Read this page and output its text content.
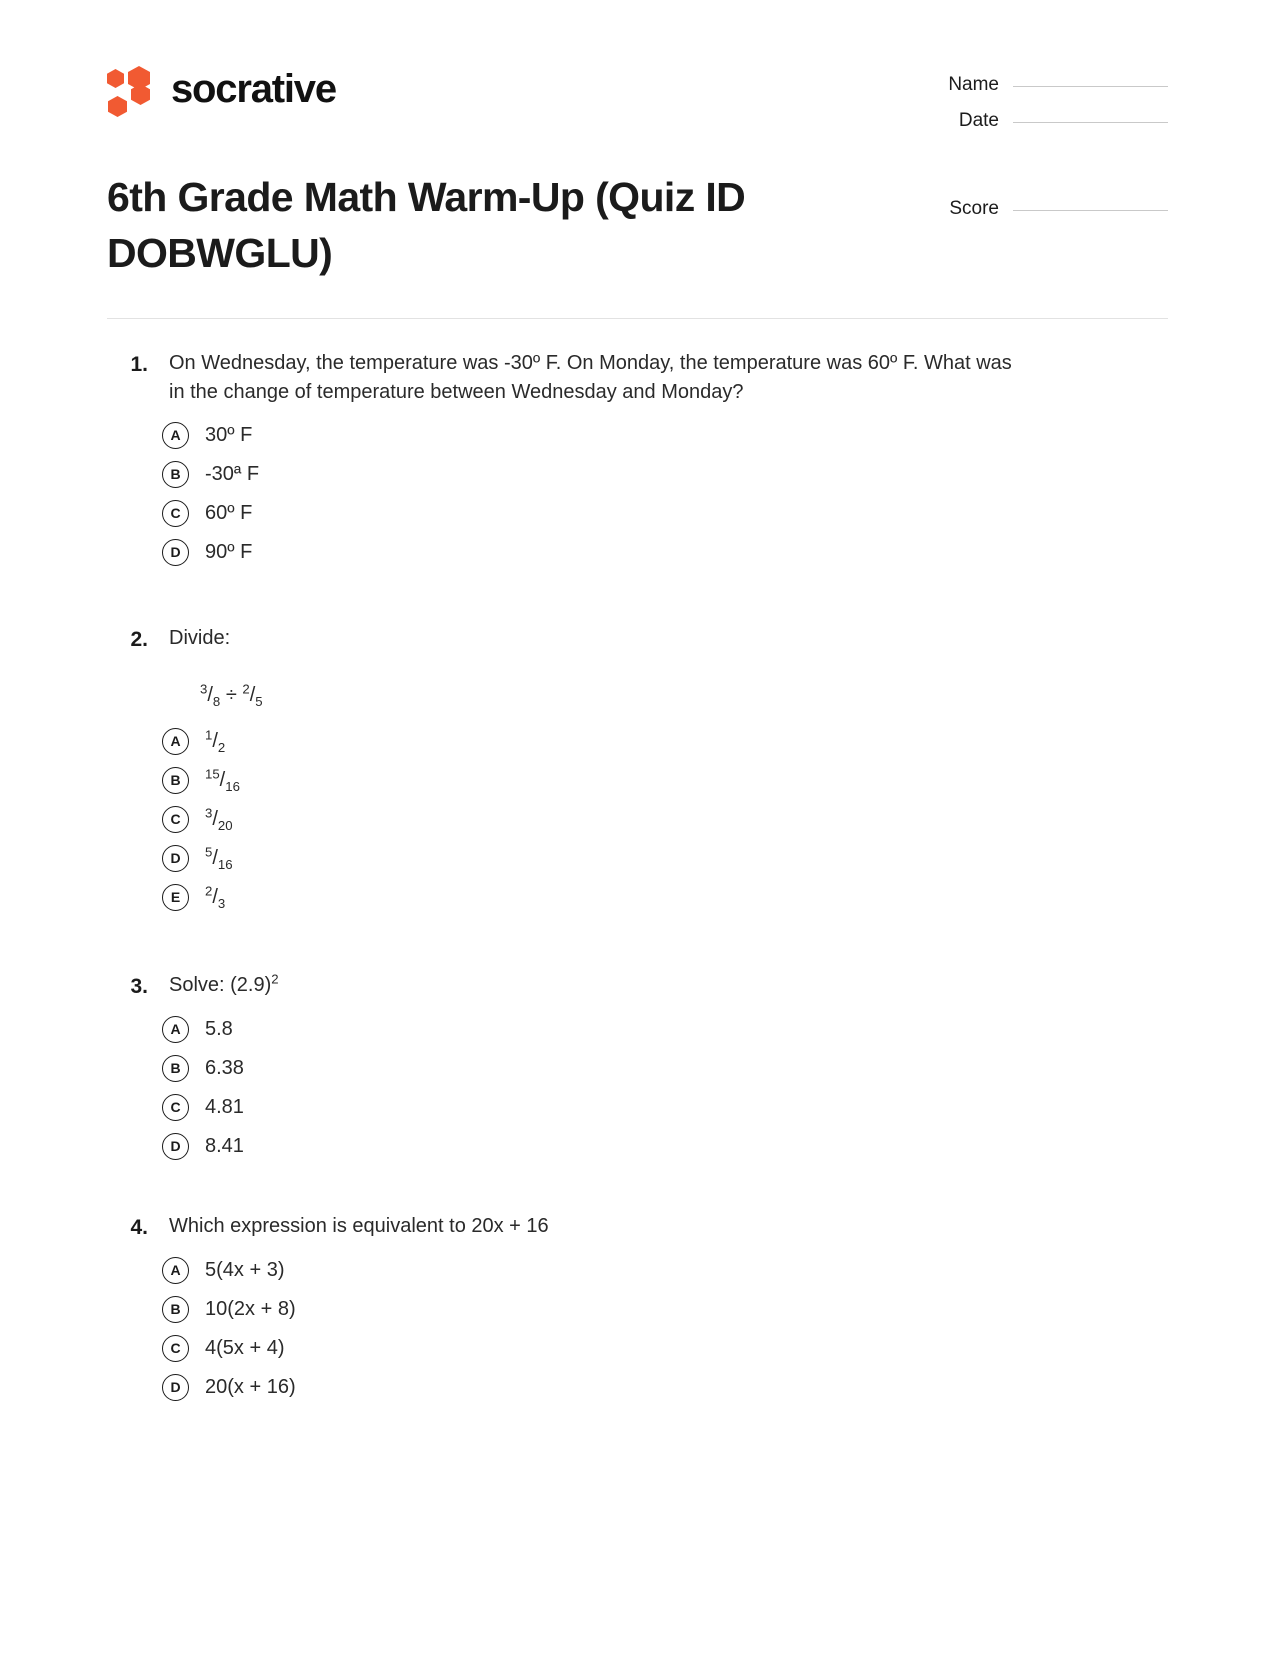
socrative
6th Grade Math Warm-Up (Quiz ID DOBWGLU)
Name
Date
Score
1.	On Wednesday, the temperature was -30º F. On Monday, the temperature was 60º F. What was in the change of temperature between Wednesday and Monday?
A	30º F
B	-30ª F
C	60º F
D	90º F
2.	Divide:
$^3/_8 \div ^2/_5$
A	$^1/_2$
B	$^{15}/_{16}$
C	$^3/_{20}$
D	$^5/_{16}$
E	$^2/_3$
3.	Solve: $(2.9)^2$
A	5.8
B	6.38
C	4.81
D	8.41
4.	Which expression is equivalent to 20x + 16
A	5(4x + 3)
B	10(2x + 8)
C	4(5x + 4)
D	20(x + 16)
